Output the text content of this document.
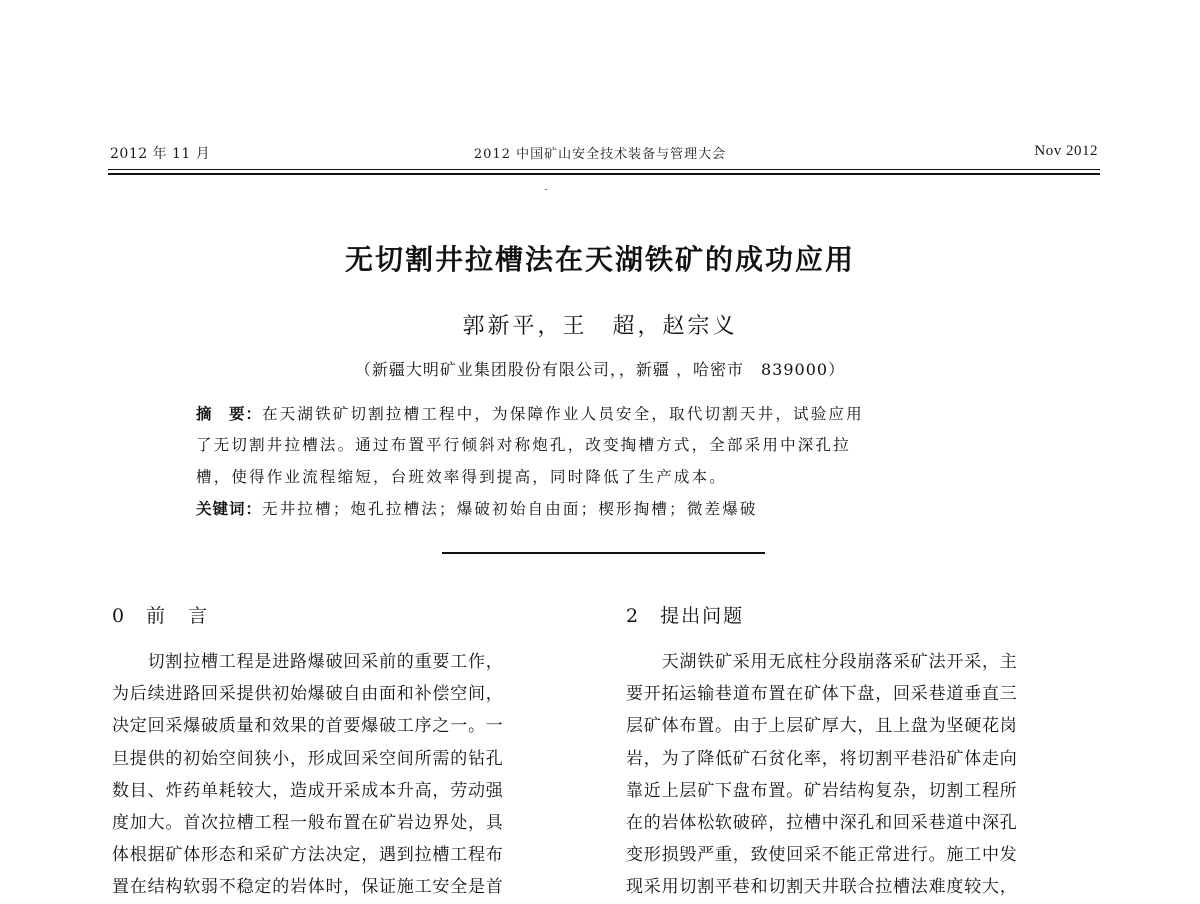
2012 年 11 月	2012 中国矿山安全技术装备与管理大会	Nov 2012
无切割井拉槽法在天湖铁矿的成功应用
郭新平，王　超，赵宗义
（新疆大明矿业集团股份有限公司，，新疆 ，哈密市　839000）
摘　要：在天湖铁矿切割拉槽工程中，为保障作业人员安全，取代切割天井，试验应用
了无切割井拉槽法。通过布置平行倾斜对称炮孔，改变掏槽方式，全部采用中深孔拉
槽，使得作业流程缩短，台班效率得到提高，同时降低了生产成本。
关键词：无井拉槽；炮孔拉槽法；爆破初始自由面；楔形掏槽；微差爆破
0 前　言	2 提出问题
　　切割拉槽工程是进路爆破回采前的重要工作，
为后续进路回采提供初始爆破自由面和补偿空间，
决定回采爆破质量和效果的首要爆破工序之一。一
旦提供的初始空间狭小，形成回采空间所需的钻孔
数目、炸药单耗较大，造成开采成本升高，劳动强
度加大。首次拉槽工程一般布置在矿岩边界处，具
体根据矿体形态和采矿方法决定，遇到拉槽工程布
置在结构软弱不稳定的岩体时，保证施工安全是首
　　天湖铁矿采用无底柱分段崩落采矿法开采，主
要开拓运输巷道布置在矿体下盘，回采巷道垂直三
层矿体布置。由于上层矿厚大，且上盘为坚硬花岗
岩，为了降低矿石贫化率，将切割平巷沿矿体走向
靠近上层矿下盘布置。矿岩结构复杂，切割工程所
在的岩体松软破碎，拉槽中深孔和回采巷道中深孔
变形损毁严重，致使回采不能正常进行。施工中发
现采用切割平巷和切割天井联合拉槽法难度较大，
